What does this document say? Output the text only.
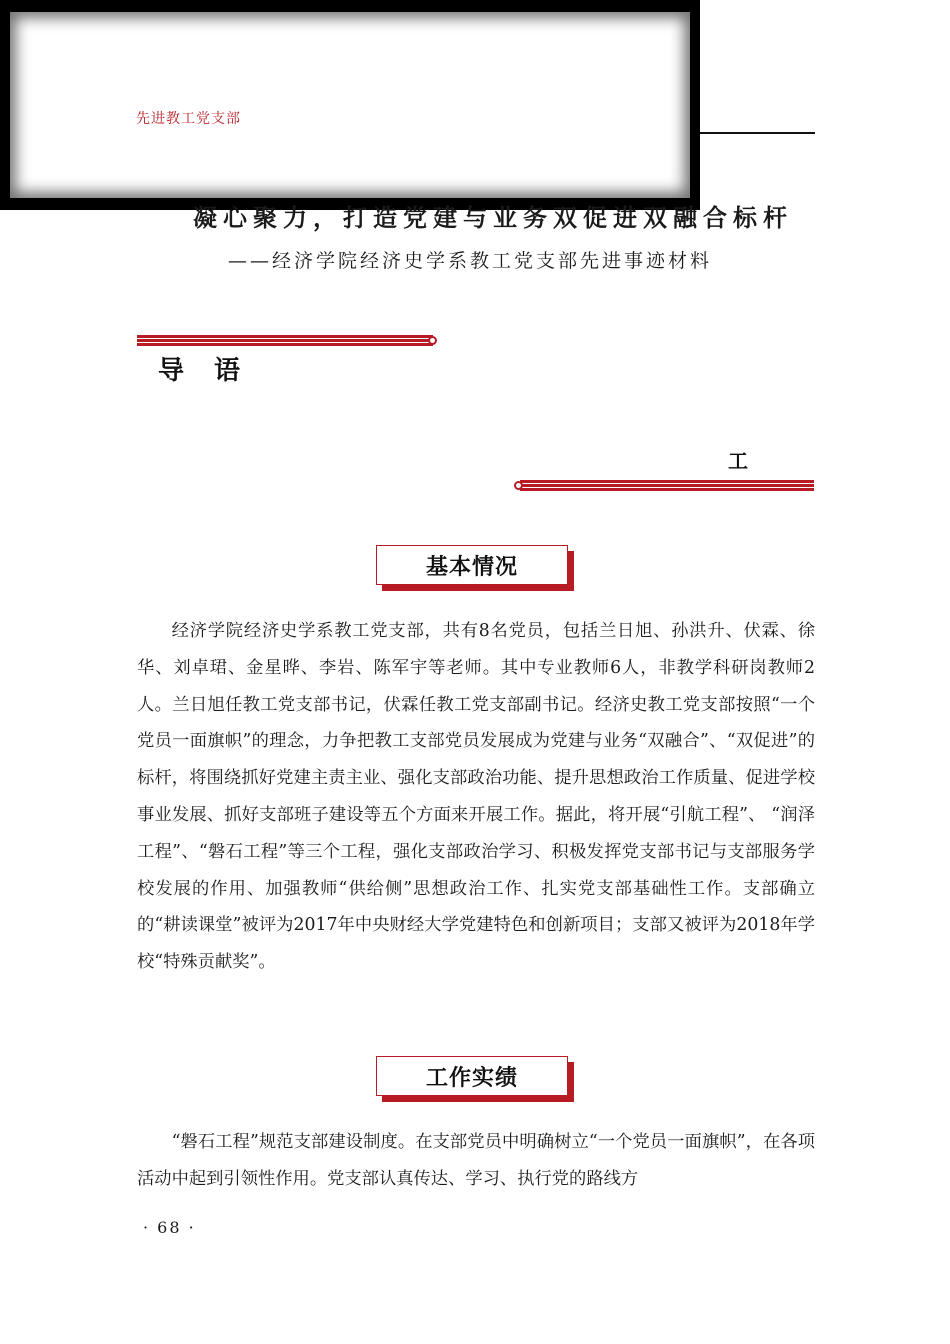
先进教工党支部
凝心聚力，打造党建与业务双促进双融合标杆
——经济学院经济史学系教工党支部先进事迹材料
导语
工
基本情况

经济学院经济史学系教工党支部，共有8名党员，包括兰日旭、孙洪升、伏霖、徐华、刘卓珺、金星晔、李岩、陈军宇等老师。其中专业教师6人，非教学科研岗教师2人。兰日旭任教工党支部书记，伏霖任教工党支部副书记。经济史教工党支部按照“一个党员一面旗帜”的理念，力争把教工支部党员发展成为党建与业务“双融合”、“双促进”的标杆，将围绕抓好党建主责主业、强化支部政治功能、提升思想政治工作质量、促进学校事业发展、抓好支部班子建设等五个方面来开展工作。据此，将开展“引航工程”、 “润泽工程”、“磐石工程”等三个工程，强化支部政治学习、积极发挥党支部书记与支部服务学校发展的作用、加强教师“供给侧”思想政治工作、扎实党支部基础性工作。支部确立的“耕读课堂”被评为2017年中央财经大学党建特色和创新项目；支部又被评为2018年学校“特殊贡献奖”。

工作实绩

“磐石工程”规范支部建设制度。在支部党员中明确树立“一个党员一面旗帜”，在各项活动中起到引领性作用。党支部认真传达、学习、执行党的路线方

· 68 ·
